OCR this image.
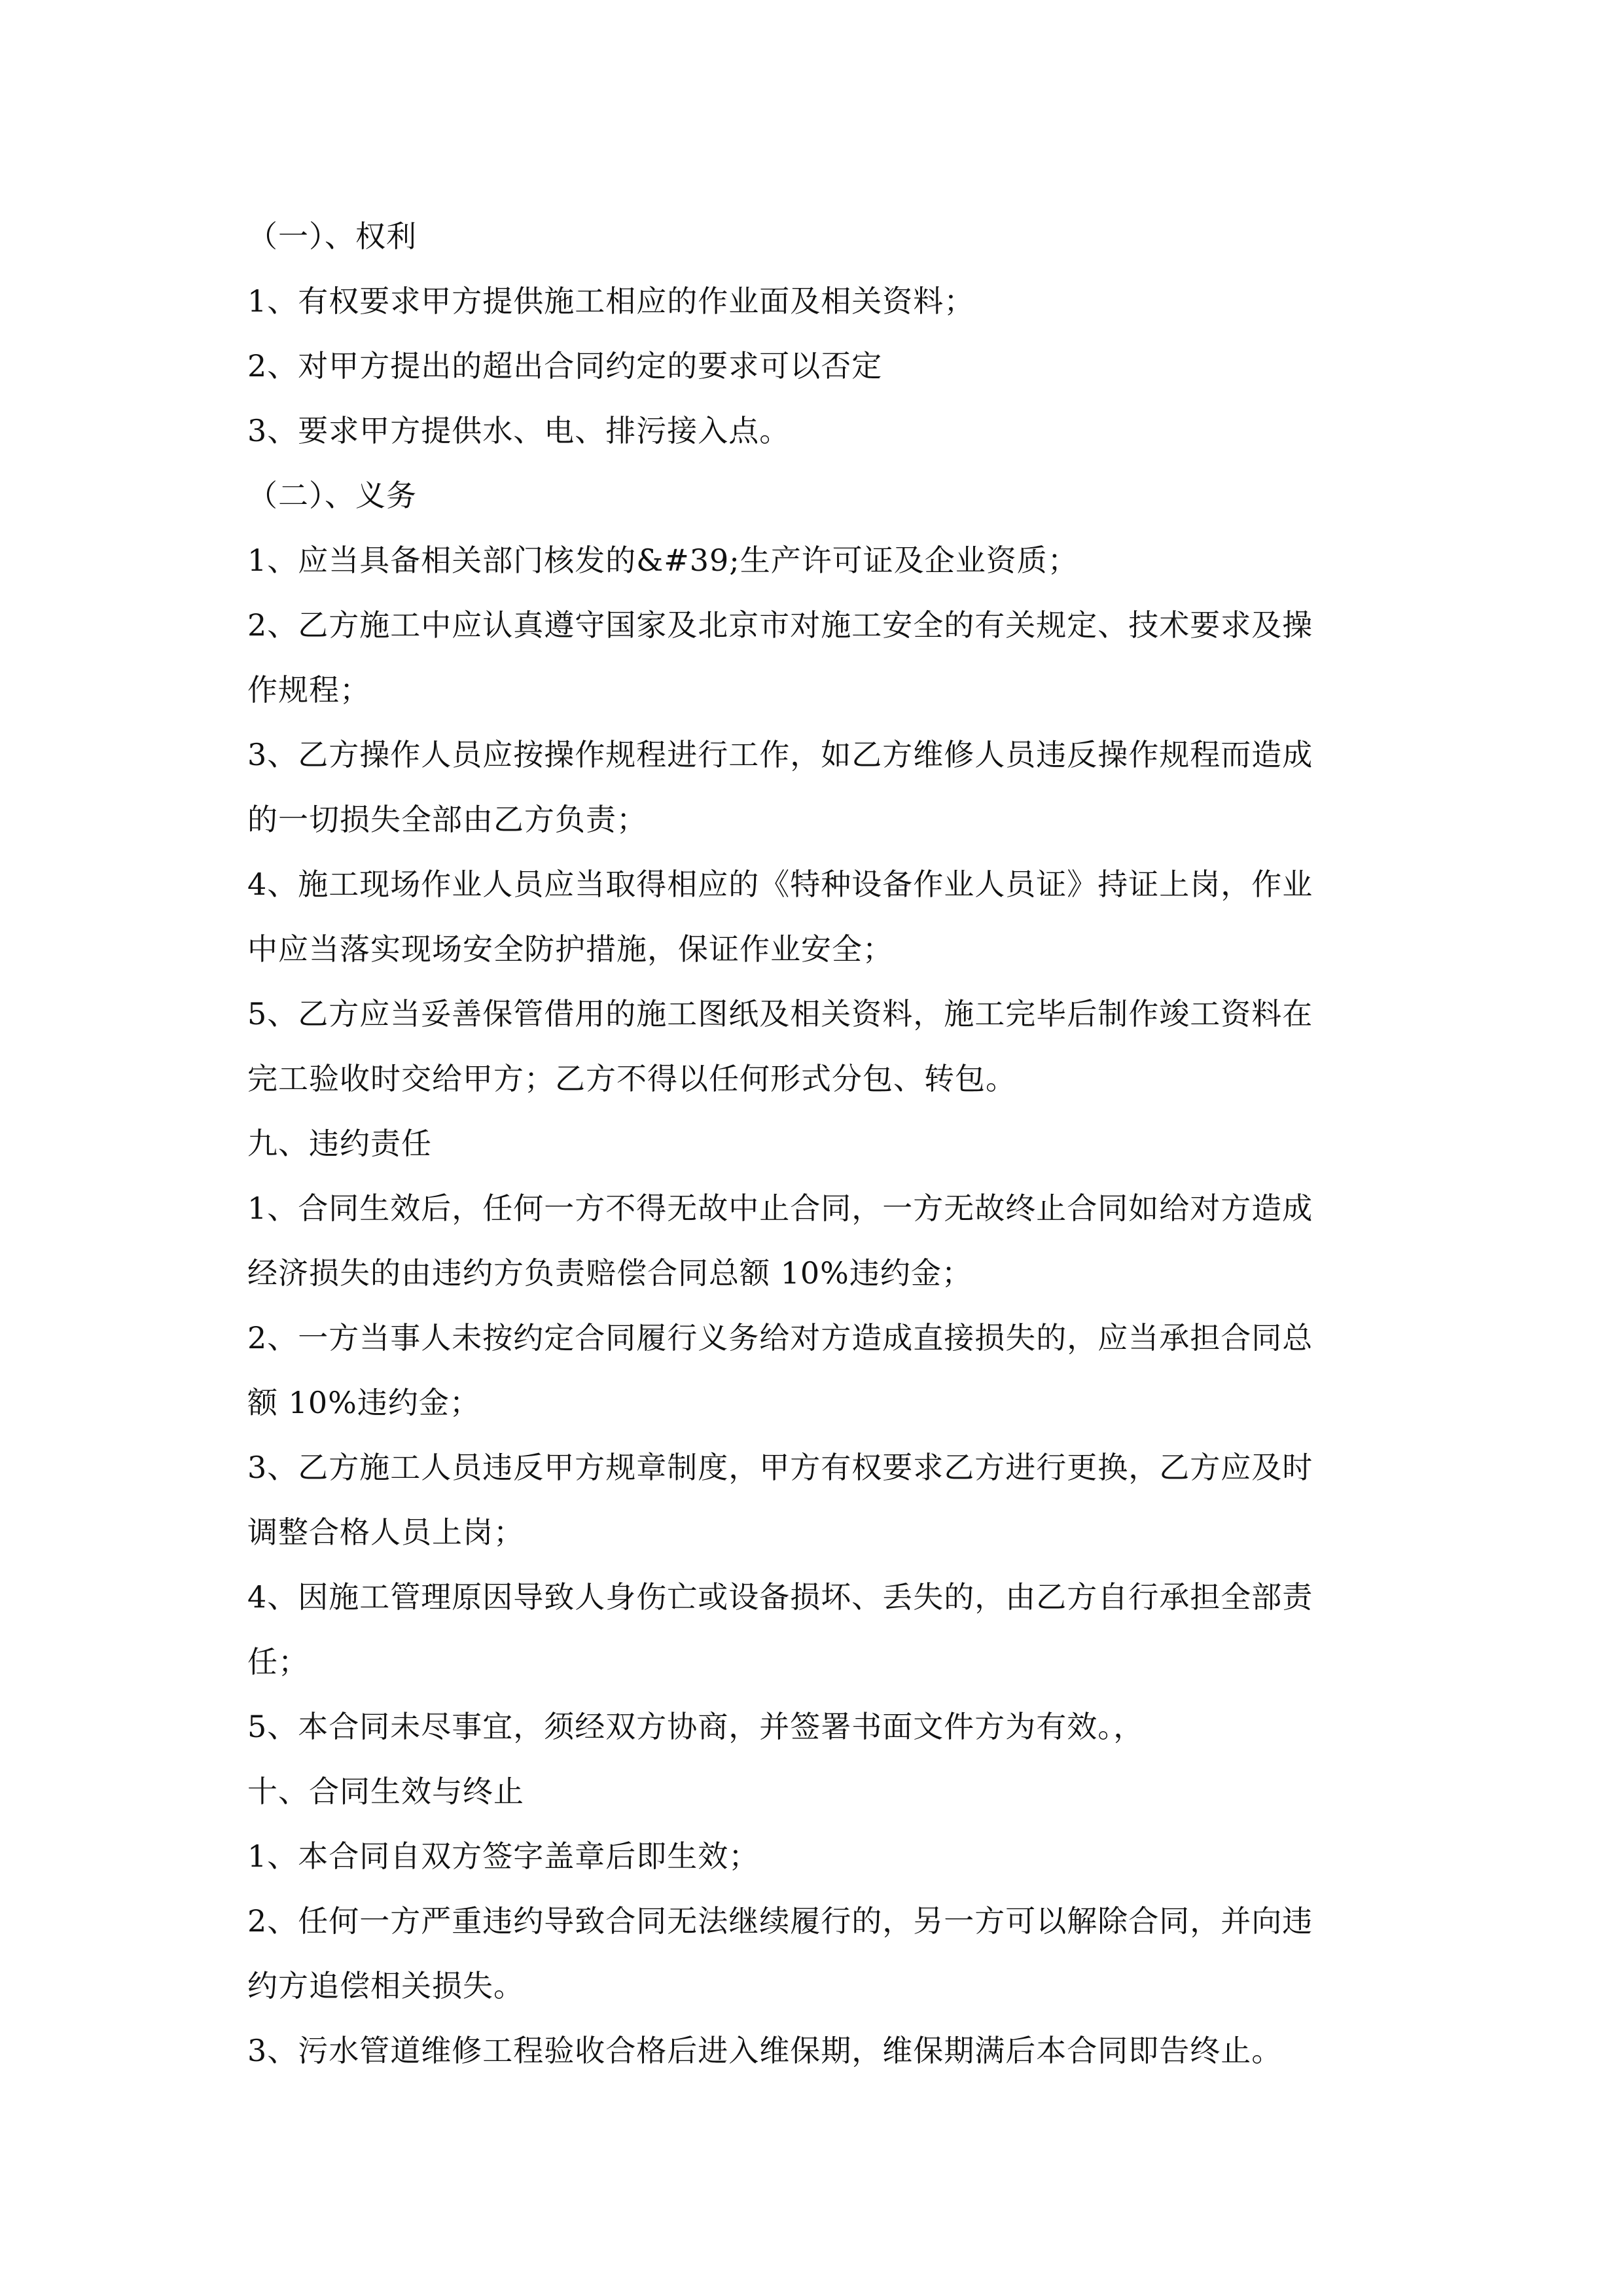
（一）、权利

1、有权要求甲方提供施工相应的作业面及相关资料；

2、对甲方提出的超出合同约定的要求可以否定

3、要求甲方提供水、电、排污接入点。

（二）、义务

1、应当具备相关部门核发的&#39;生产许可证及企业资质；

2、乙方施工中应认真遵守国家及北京市对施工安全的有关规定、技术要求及操

作规程；

3、乙方操作人员应按操作规程进行工作，如乙方维修人员违反操作规程而造成

的一切损失全部由乙方负责；

4、施工现场作业人员应当取得相应的《特种设备作业人员证》持证上岗，作业

中应当落实现场安全防护措施，保证作业安全；

5、乙方应当妥善保管借用的施工图纸及相关资料，施工完毕后制作竣工资料在

完工验收时交给甲方；乙方不得以任何形式分包、转包。

九、违约责任

1、合同生效后，任何一方不得无故中止合同，一方无故终止合同如给对方造成

经济损失的由违约方负责赔偿合同总额 10%违约金；

2、一方当事人未按约定合同履行义务给对方造成直接损失的，应当承担合同总

额 10%违约金；

3、乙方施工人员违反甲方规章制度，甲方有权要求乙方进行更换，乙方应及时

调整合格人员上岗；

4、因施工管理原因导致人身伤亡或设备损坏、丢失的，由乙方自行承担全部责

任；

5、本合同未尽事宜，须经双方协商，并签署书面文件方为有效。，

十、合同生效与终止

1、本合同自双方签字盖章后即生效；

2、任何一方严重违约导致合同无法继续履行的，另一方可以解除合同，并向违

约方追偿相关损失。

3、污水管道维修工程验收合格后进入维保期，维保期满后本合同即告终止。
